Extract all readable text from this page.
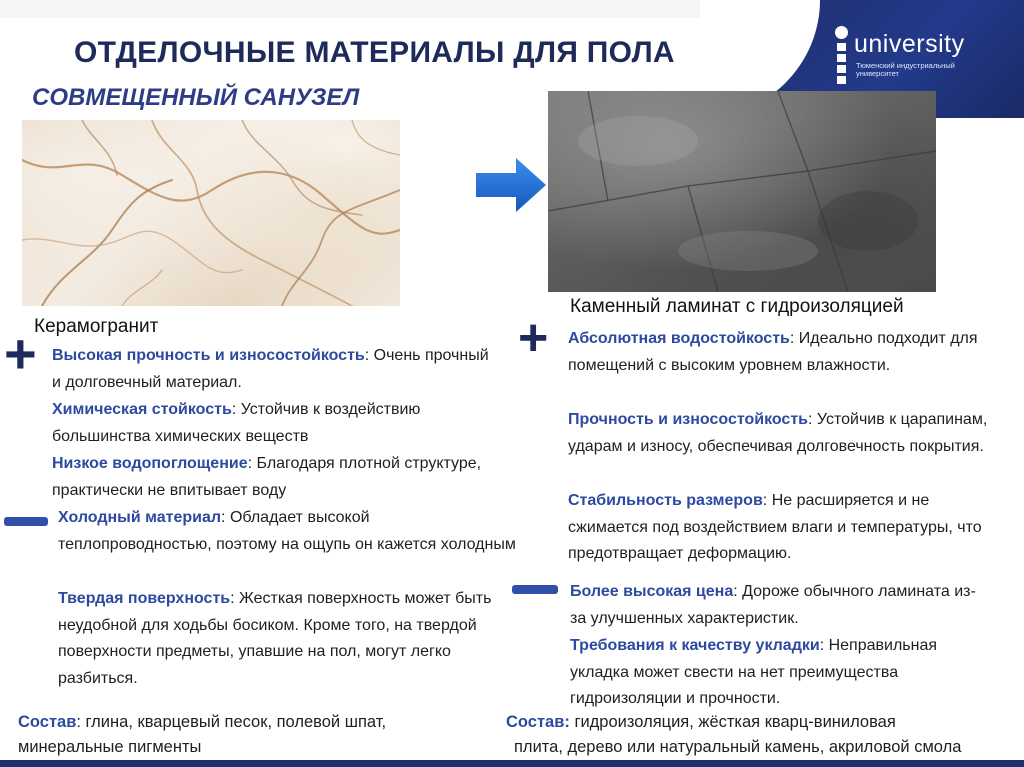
university
Тюменский индустриальный университет
ОТДЕЛОЧНЫЕ МАТЕРИАЛЫ ДЛЯ ПОЛА
СОВМЕЩЕННЫЙ САНУЗЕЛ
Керамогранит
Каменный ламинат с гидроизоляцией
+	+
Высокая прочность и износостойкость: Очень прочный и долговечный материал.
Химическая стойкость: Устойчив к воздействию большинства химических веществ
Низкое водопоглощение: Благодаря плотной структуре, практически не впитывает воду
Холодный материал: Обладает высокой теплопроводностью, поэтому на ощупь он кажется холодным
Твердая поверхность: Жесткая поверхность может быть неудобной для ходьбы босиком. Кроме того, на твердой поверхности предметы, упавшие на пол, могут легко разбиться.
Абсолютная водостойкость: Идеально подходит для помещений с высоким уровнем влажности.
Прочность и износостойкость: Устойчив к царапинам, ударам и износу, обеспечивая долговечность покрытия.
Стабильность размеров: Не расширяется и не сжимается под воздействием влаги и температуры, что предотвращает деформацию.
Более высокая цена: Дороже обычного ламината из-за улучшенных характеристик.
Требования к качеству укладки: Неправильная укладка может свести на нет преимущества гидроизоляции и прочности.
Состав: глина, кварцевый песок, полевой шпат, минеральные пигменты
Состав: гидроизоляция, жёсткая кварц-виниловая
плита, дерево или натуральный камень, акриловой смола
